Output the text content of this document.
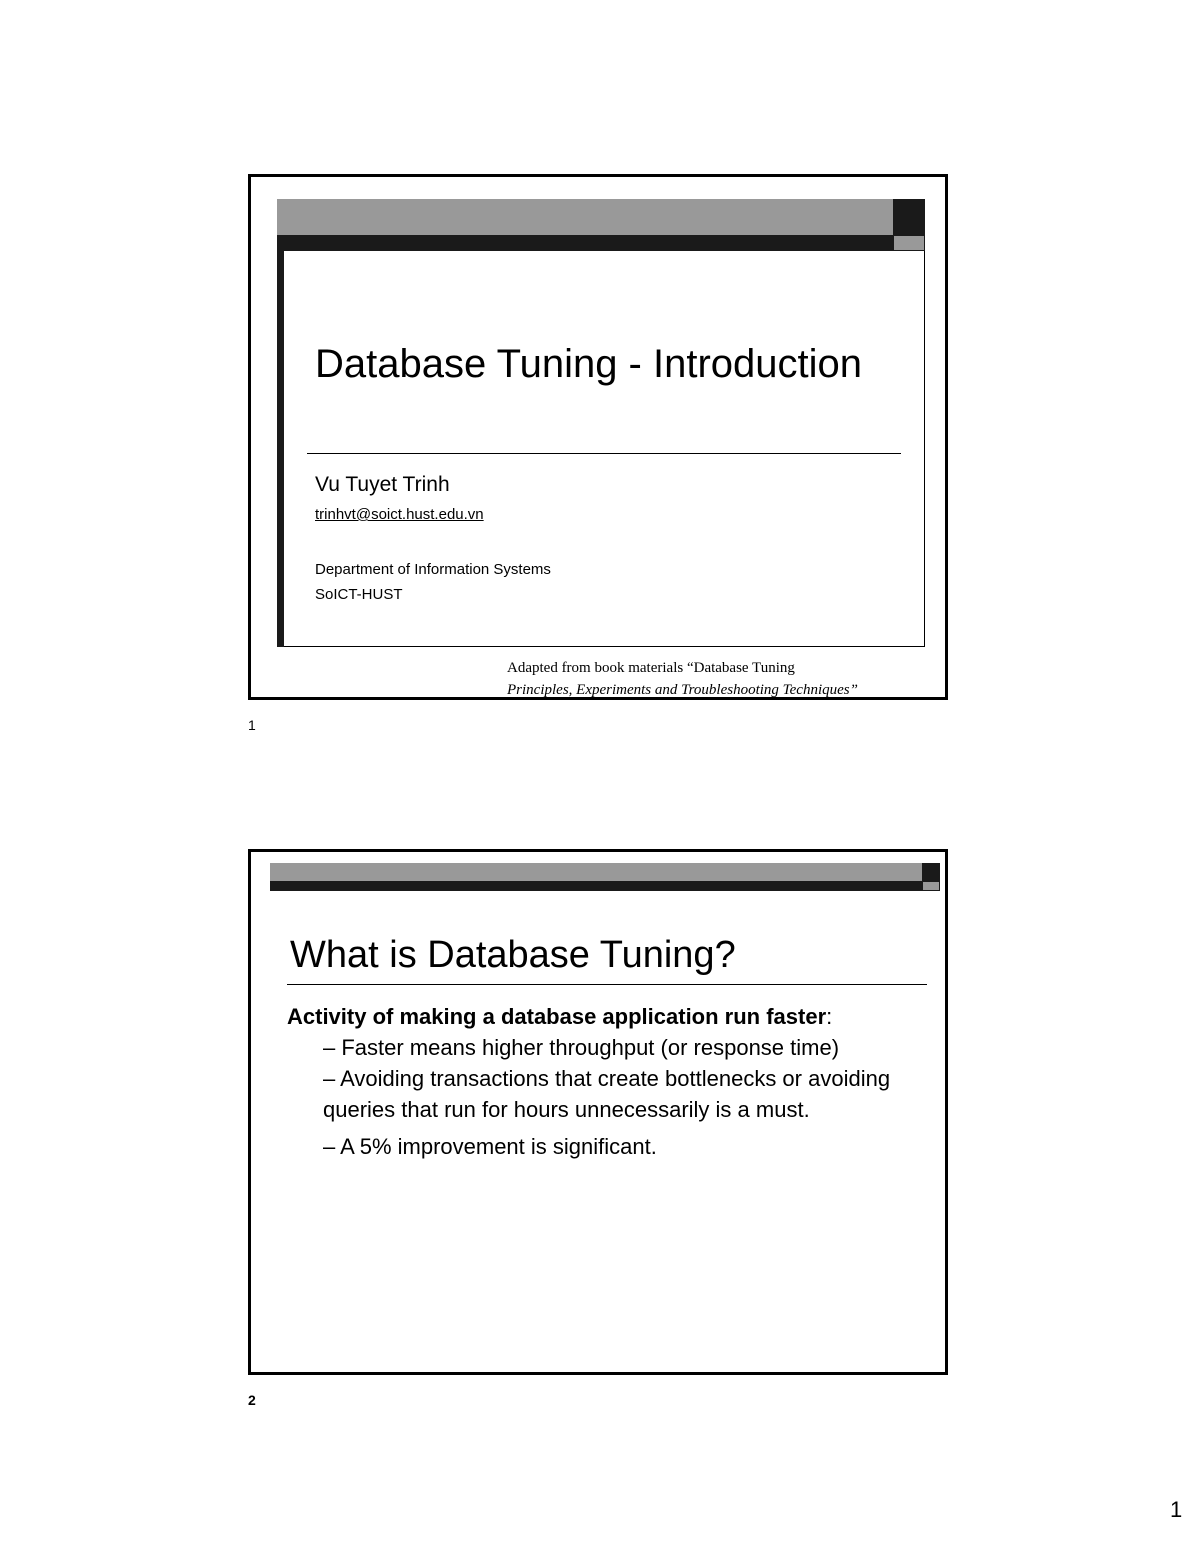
Database Tuning - Introduction
Vu Tuyet Trinh
trinhvt@soict.hust.edu.vn
Department of Information Systems
SoICT-HUST
Adapted from book materials “Database Tuning
Principles, Experiments and Troubleshooting Techniques”
1
What is Database Tuning?

Activity of making a database application run faster:

– Faster means higher throughput (or response time)

– Avoiding transactions that create bottlenecks or avoiding queries that run for hours unnecessarily is a must.

– A 5% improvement is significant.

2
1
